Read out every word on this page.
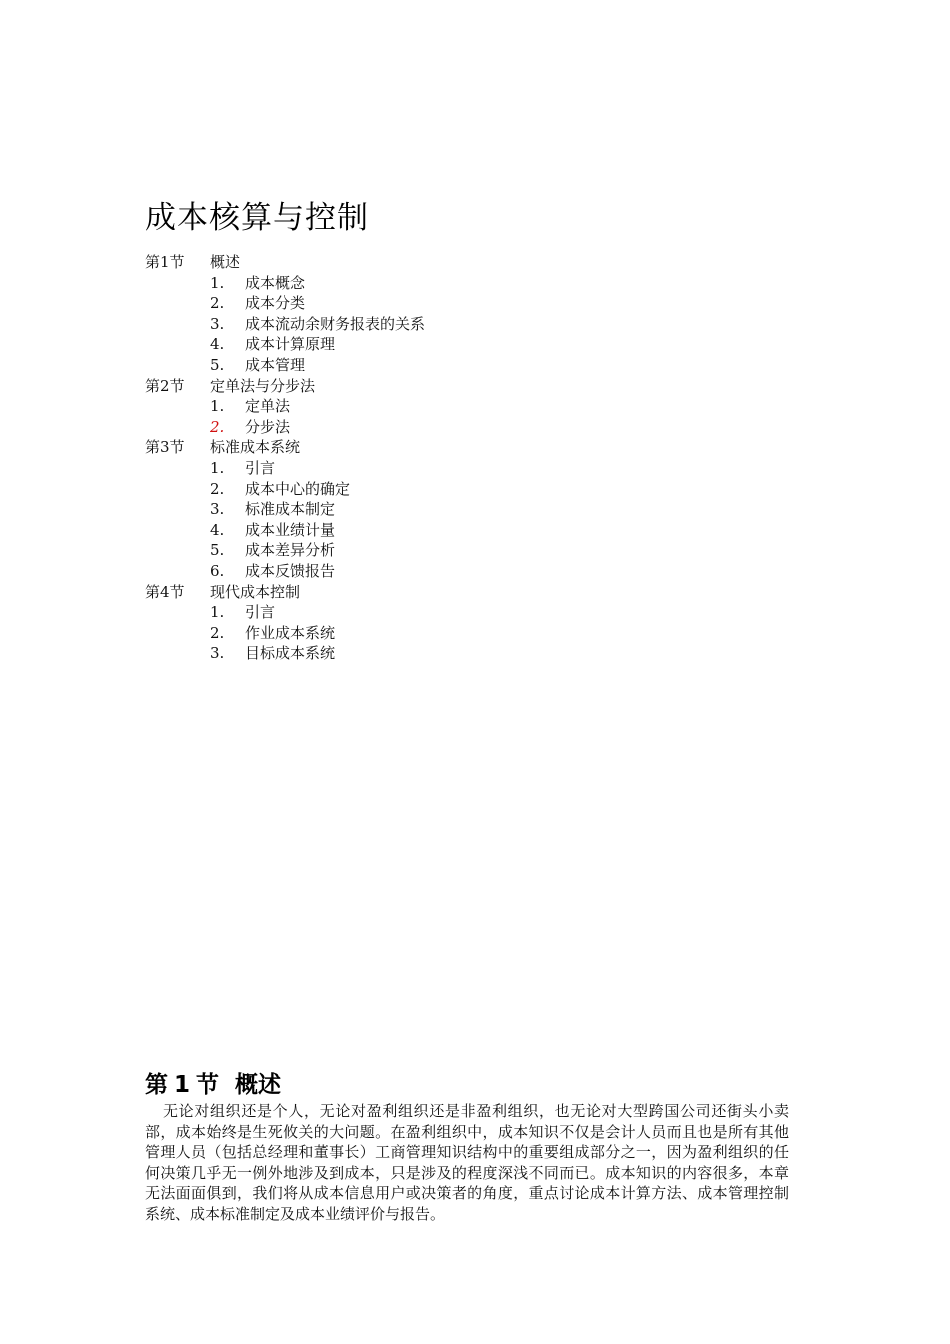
成本核算与控制
第1节 概述
1. 成本概念
2. 成本分类
3. 成本流动余财务报表的关系
4. 成本计算原理
5. 成本管理
第2节 定单法与分步法
1. 定单法
2. 分步法
第3节 标准成本系统
1. 引言
2. 成本中心的确定
3. 标准成本制定
4. 成本业绩计量
5. 成本差异分析
6. 成本反馈报告
第4节 现代成本控制
1. 引言
2. 作业成本系统
3. 目标成本系统
第 1 节 概述

无论对组织还是个人，无论对盈利组织还是非盈利组织，也无论对大型跨国公司还街头小卖部，成本始终是生死攸关的大问题。在盈利组织中，成本知识不仅是会计人员而且也是所有其他管理人员（包括总经理和董事长）工商管理知识结构中的重要组成部分之一，因为盈利组织的任何决策几乎无一例外地涉及到成本，只是涉及的程度深浅不同而已。成本知识的内容很多，本章无法面面俱到，我们将从成本信息用户或决策者的角度，重点讨论成本计算方法、成本管理控制系统、成本标准制定及成本业绩评价与报告。
